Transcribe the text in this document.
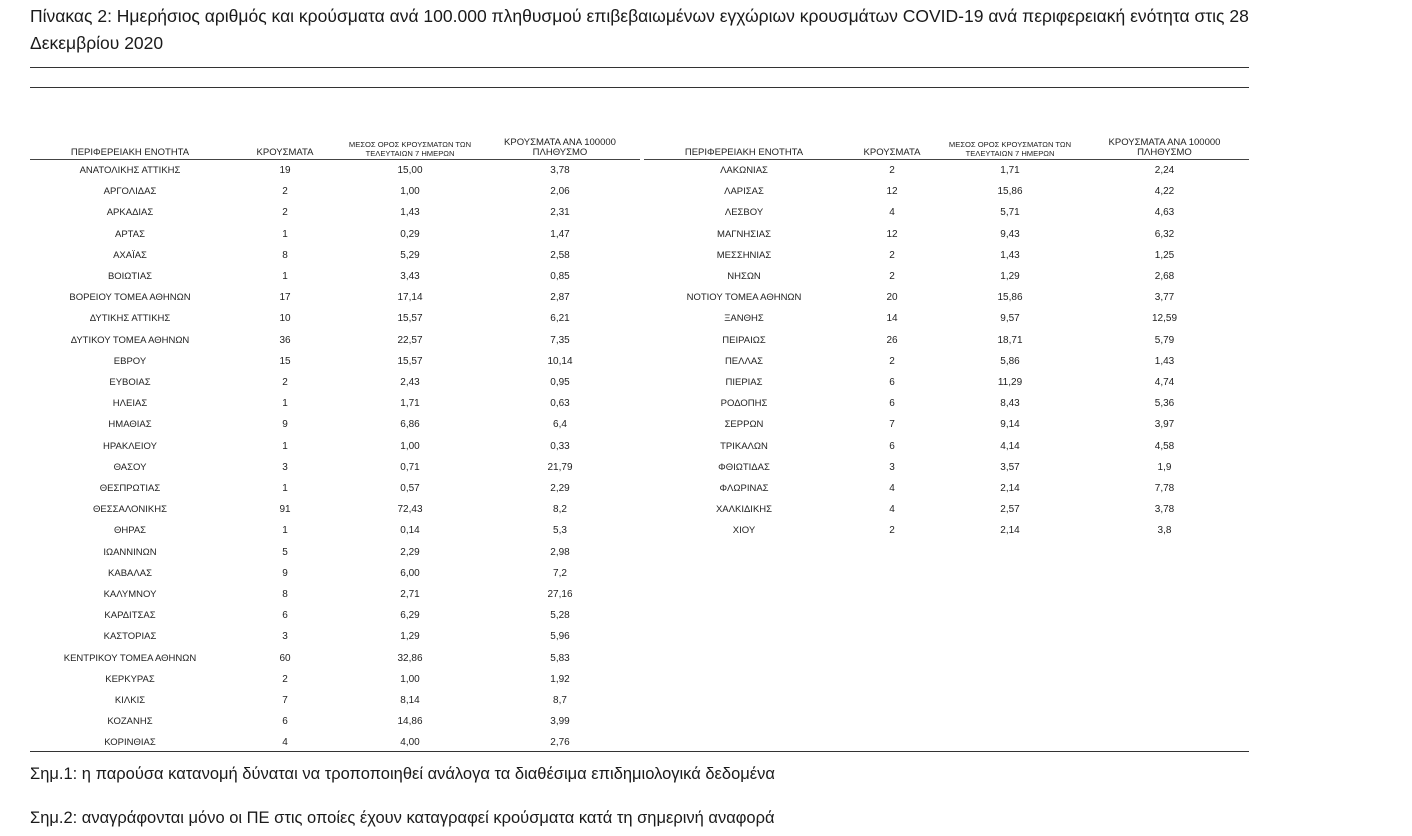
Πίνακας 2: Ημερήσιος αριθμός και κρούσματα ανά 100.000 πληθυσμού επιβεβαιωμένων εγχώριων κρουσμάτων COVID-19 ανά περιφερειακή ενότητα στις 28 Δεκεμβρίου 2020
ΠΕΡΙΦΕΡΕΙΑΚΗ ΕΝΟΤΗΤΑ	ΚΡΟΥΣΜΑΤΑ	ΜΕΣΟΣ ΟΡΟΣ ΚΡΟΥΣΜΑΤΩΝ ΤΩΝ ΤΕΛΕΥΤΑΙΩΝ 7 ΗΜΕΡΩΝ	ΚΡΟΥΣΜΑΤΑ ΑΝΑ 100000 ΠΛΗΘΥΣΜΟ
ΑΝΑΤΟΛΙΚΗΣ ΑΤΤΙΚΗΣ	19	15,00	3,78
ΑΡΓΟΛΙΔΑΣ	2	1,00	2,06
ΑΡΚΑΔΙΑΣ	2	1,43	2,31
ΑΡΤΑΣ	1	0,29	1,47
ΑΧΑΪΑΣ	8	5,29	2,58
ΒΟΙΩΤΙΑΣ	1	3,43	0,85
ΒΟΡΕΙΟΥ ΤΟΜΕΑ ΑΘΗΝΩΝ	17	17,14	2,87
ΔΥΤΙΚΗΣ ΑΤΤΙΚΗΣ	10	15,57	6,21
ΔΥΤΙΚΟΥ ΤΟΜΕΑ ΑΘΗΝΩΝ	36	22,57	7,35
ΕΒΡΟΥ	15	15,57	10,14
ΕΥΒΟΙΑΣ	2	2,43	0,95
ΗΛΕΙΑΣ	1	1,71	0,63
ΗΜΑΘΙΑΣ	9	6,86	6,4
ΗΡΑΚΛΕΙΟΥ	1	1,00	0,33
ΘΑΣΟΥ	3	0,71	21,79
ΘΕΣΠΡΩΤΙΑΣ	1	0,57	2,29
ΘΕΣΣΑΛΟΝΙΚΗΣ	91	72,43	8,2
ΘΗΡΑΣ	1	0,14	5,3
ΙΩΑΝΝΙΝΩΝ	5	2,29	2,98
ΚΑΒΑΛΑΣ	9	6,00	7,2
ΚΑΛΥΜΝΟΥ	8	2,71	27,16
ΚΑΡΔΙΤΣΑΣ	6	6,29	5,28
ΚΑΣΤΟΡΙΑΣ	3	1,29	5,96
ΚΕΝΤΡΙΚΟΥ ΤΟΜΕΑ ΑΘΗΝΩΝ	60	32,86	5,83
ΚΕΡΚΥΡΑΣ	2	1,00	1,92
ΚΙΛΚΙΣ	7	8,14	8,7
ΚΟΖΑΝΗΣ	6	14,86	3,99
ΚΟΡΙΝΘΙΑΣ	4	4,00	2,76
ΠΕΡΙΦΕΡΕΙΑΚΗ ΕΝΟΤΗΤΑ	ΚΡΟΥΣΜΑΤΑ	ΜΕΣΟΣ ΟΡΟΣ ΚΡΟΥΣΜΑΤΩΝ ΤΩΝ ΤΕΛΕΥΤΑΙΩΝ 7 ΗΜΕΡΩΝ	ΚΡΟΥΣΜΑΤΑ ΑΝΑ 100000 ΠΛΗΘΥΣΜΟ
ΛΑΚΩΝΙΑΣ	2	1,71	2,24
ΛΑΡΙΣΑΣ	12	15,86	4,22
ΛΕΣΒΟΥ	4	5,71	4,63
ΜΑΓΝΗΣΙΑΣ	12	9,43	6,32
ΜΕΣΣΗΝΙΑΣ	2	1,43	1,25
ΝΗΣΩΝ	2	1,29	2,68
ΝΟΤΙΟΥ ΤΟΜΕΑ ΑΘΗΝΩΝ	20	15,86	3,77
ΞΑΝΘΗΣ	14	9,57	12,59
ΠΕΙΡΑΙΩΣ	26	18,71	5,79
ΠΕΛΛΑΣ	2	5,86	1,43
ΠΙΕΡΙΑΣ	6	11,29	4,74
ΡΟΔΟΠΗΣ	6	8,43	5,36
ΣΕΡΡΩΝ	7	9,14	3,97
ΤΡΙΚΑΛΩΝ	6	4,14	4,58
ΦΘΙΩΤΙΔΑΣ	3	3,57	1,9
ΦΛΩΡΙΝΑΣ	4	2,14	7,78
ΧΑΛΚΙΔΙΚΗΣ	4	2,57	3,78
ΧΙΟΥ	2	2,14	3,8

Σημ.1: η παρούσα κατανομή δύναται να τροποποιηθεί ανάλογα τα διαθέσιμα επιδημιολογικά δεδομένα

Σημ.2: αναγράφονται μόνο οι ΠΕ στις οποίες έχουν καταγραφεί κρούσματα κατά τη σημερινή αναφορά
